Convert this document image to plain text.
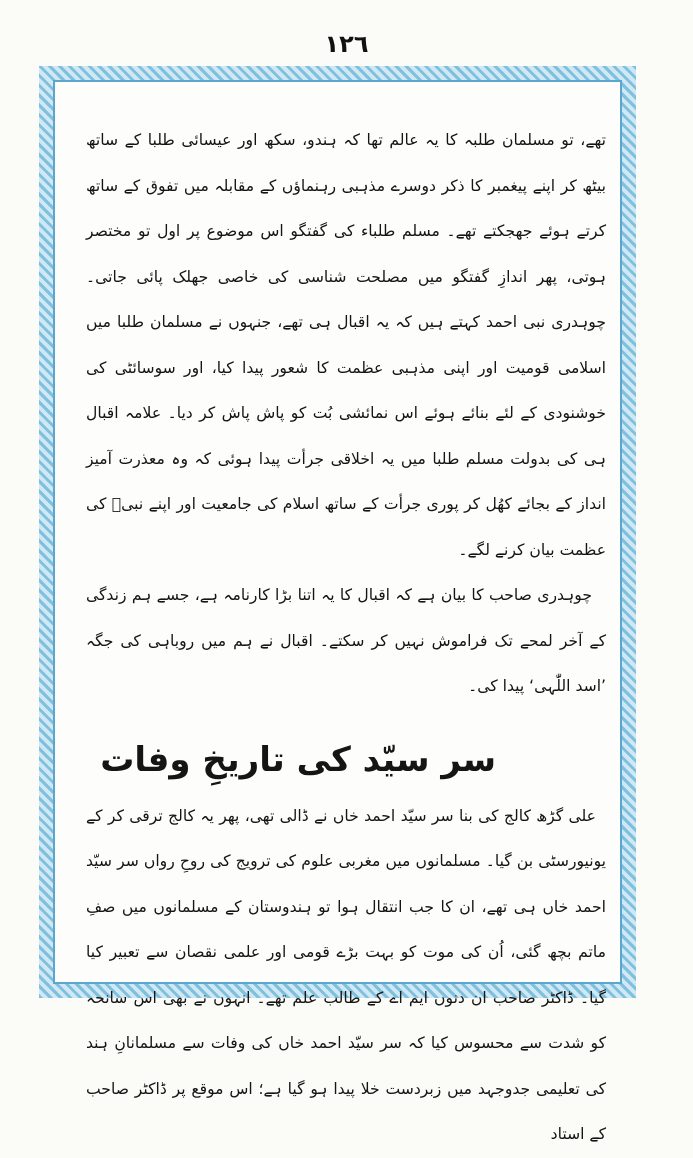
١٢٦

تھے، تو مسلمان طلبہ کا یہ عالم تھا کہ ہندو، سکھ اور عیسائی طلبا کے ساتھ بیٹھ کر اپنے پیغمبر کا ذکر دوسرے مذہبی رہنماؤں کے مقابلہ میں تفوق کے ساتھ کرتے ہوئے جھجکتے تھے۔ مسلم طلباء کی گفتگو اس موضوع پر اول تو مختصر ہوتی، پھر اندازِ گفتگو میں مصلحت شناسی کی خاصی جھلک پائی جاتی۔ چوہدری نبی احمد کہتے ہیں کہ یہ اقبال ہی تھے، جنہوں نے مسلمان طلبا میں اسلامی قومیت اور اپنی مذہبی عظمت کا شعور پیدا کیا، اور سوسائٹی کی خوشنودی کے لئے بنائے ہوئے اس نمائشی بُت کو پاش پاش کر دیا۔ علامہ اقبال ہی کی بدولت مسلم طلبا میں یہ اخلاقی جرأت پیدا ہوئی کہ وہ معذرت آمیز انداز کے بجائے کھُل کر پوری جرأت کے ساتھ اسلام کی جامعیت اور اپنے نبیؐ کی عظمت بیان کرنے لگے۔

چوہدری صاحب کا بیان ہے کہ اقبال کا یہ اتنا بڑا کارنامہ ہے، جسے ہم زندگی کے آخر لمحے تک فراموش نہیں کر سکتے۔ اقبال نے ہم میں روباہی کی جگہ ’اسد اللّٰہی‘ پیدا کی۔

سر سیّد کی تاریخِ وفات

علی گڑھ کالج کی بنا سر سیّد احمد خاں نے ڈالی تھی، پھر یہ کالج ترقی کر کے یونیورسٹی بن گیا۔ مسلمانوں میں مغربی علوم کی ترویج کی روحِ رواں سر سیّد احمد خاں ہی تھے، ان کا جب انتقال ہوا تو ہندوستان کے مسلمانوں میں صفِ ماتم بچھ گئی، اُن کی موت کو بہت بڑے قومی اور علمی نقصان سے تعبیر کیا گیا۔ ڈاکٹر صاحب ان دنوں ایم اے کے طالب علم تھے۔ انہوں نے بھی اس سانحہ کو شدت سے محسوس کیا کہ سر سیّد احمد خاں کی وفات سے مسلمانانِ ہند کی تعلیمی جدوجہد میں زبردست خلا پیدا ہو گیا ہے؛ اس موقع پر ڈاکٹر صاحب کے استاد
